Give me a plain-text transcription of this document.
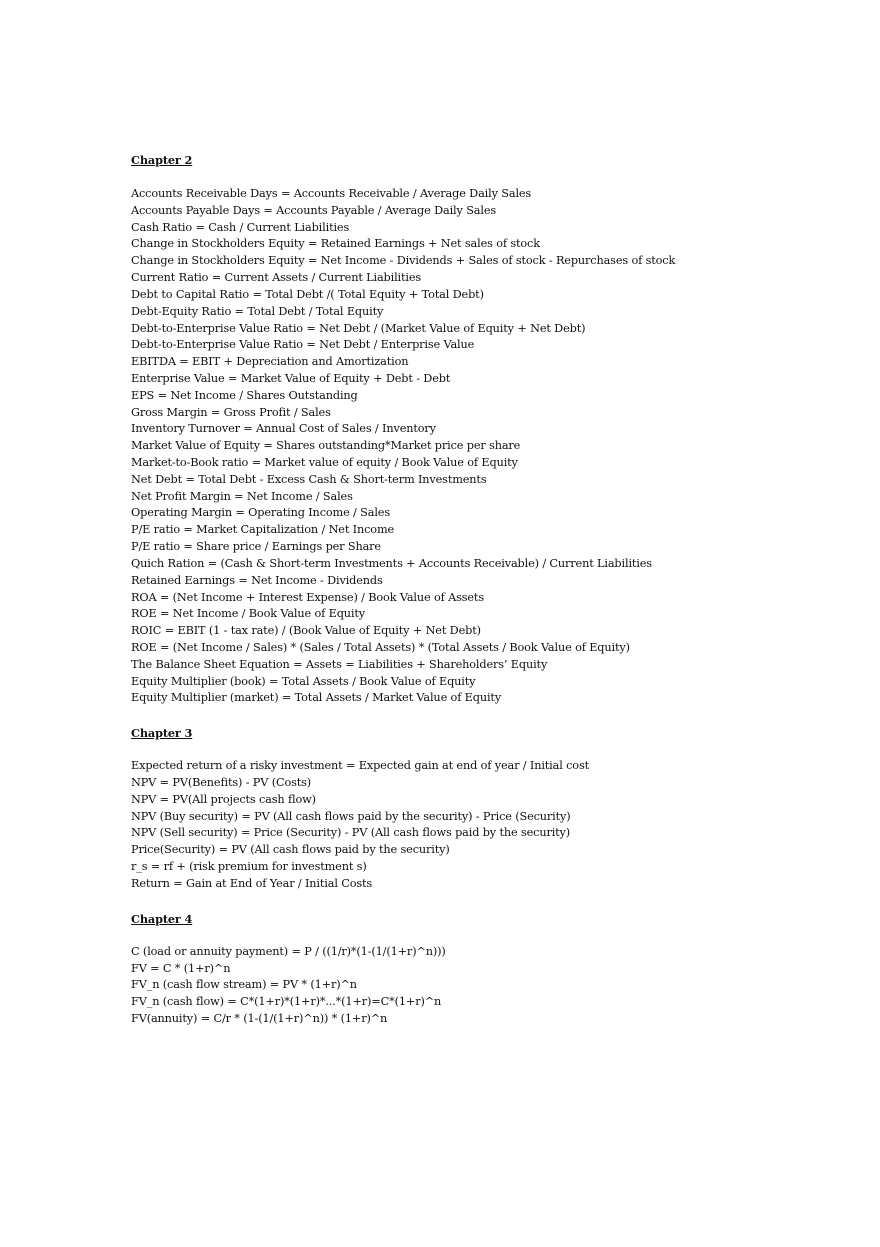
Chapter 2
Accounts Receivable Days = Accounts Receivable / Average Daily Sales
Accounts Payable Days = Accounts Payable / Average Daily Sales
Cash Ratio = Cash / Current Liabilities
Change in Stockholders Equity = Retained Earnings + Net sales of stock
Change in Stockholders Equity = Net Income - Dividends + Sales of stock - Repurchases of stock
Current Ratio = Current Assets / Current Liabilities
Debt to Capital Ratio = Total Debt /( Total Equity + Total Debt)
Debt-Equity Ratio = Total Debt / Total Equity
Debt-to-Enterprise Value Ratio = Net Debt / (Market Value of Equity + Net Debt)
Debt-to-Enterprise Value Ratio = Net Debt / Enterprise Value
EBITDA = EBIT + Depreciation and Amortization
Enterprise Value = Market Value of Equity + Debt - Debt
EPS = Net Income / Shares Outstanding
Gross Margin = Gross Profit / Sales
Inventory Turnover = Annual Cost of Sales / Inventory
Market Value of Equity = Shares outstanding*Market price per share
Market-to-Book ratio = Market value of equity / Book Value of Equity
Net Debt = Total Debt - Excess Cash & Short-term Investments
Net Profit Margin = Net Income / Sales
Operating Margin = Operating Income / Sales
P/E ratio = Market Capitalization / Net Income
P/E ratio = Share price / Earnings per Share
Quich Ration = (Cash & Short-term Investments + Accounts Receivable) / Current Liabilities
Retained Earnings = Net Income - Dividends
ROA = (Net Income + Interest Expense) / Book Value of Assets
ROE = Net Income / Book Value of Equity
ROIC = EBIT (1 - tax rate) / (Book Value of Equity + Net Debt)
ROE = (Net Income / Sales) * (Sales / Total Assets) * (Total Assets / Book Value of Equity)
The Balance Sheet Equation = Assets = Liabilities + Shareholders’ Equity
Equity Multiplier (book) = Total Assets / Book Value of Equity
Equity Multiplier (market) = Total Assets / Market Value of Equity
Chapter 3
Expected return of a risky investment = Expected gain at end of year / Initial cost
NPV = PV(Benefits) - PV (Costs)
NPV = PV(All projects cash flow)
NPV (Buy security) = PV (All cash flows paid by the security) - Price (Security)
NPV (Sell security) = Price (Security) - PV (All cash flows paid by the security)
Price(Security) = PV (All cash flows paid by the security)
r_s = rf + (risk premium for investment s)
Return = Gain at End of Year / Initial Costs
Chapter 4
C (load or annuity payment) = P / ((1/r)*(1-(1/(1+r)^n)))
FV = C * (1+r)^n
FV_n (cash flow stream) = PV * (1+r)^n
FV_n (cash flow) = C*(1+r)*(1+r)*...*(1+r)=C*(1+r)^n
FV(annuity) = C/r * (1-(1/(1+r)^n)) * (1+r)^n
